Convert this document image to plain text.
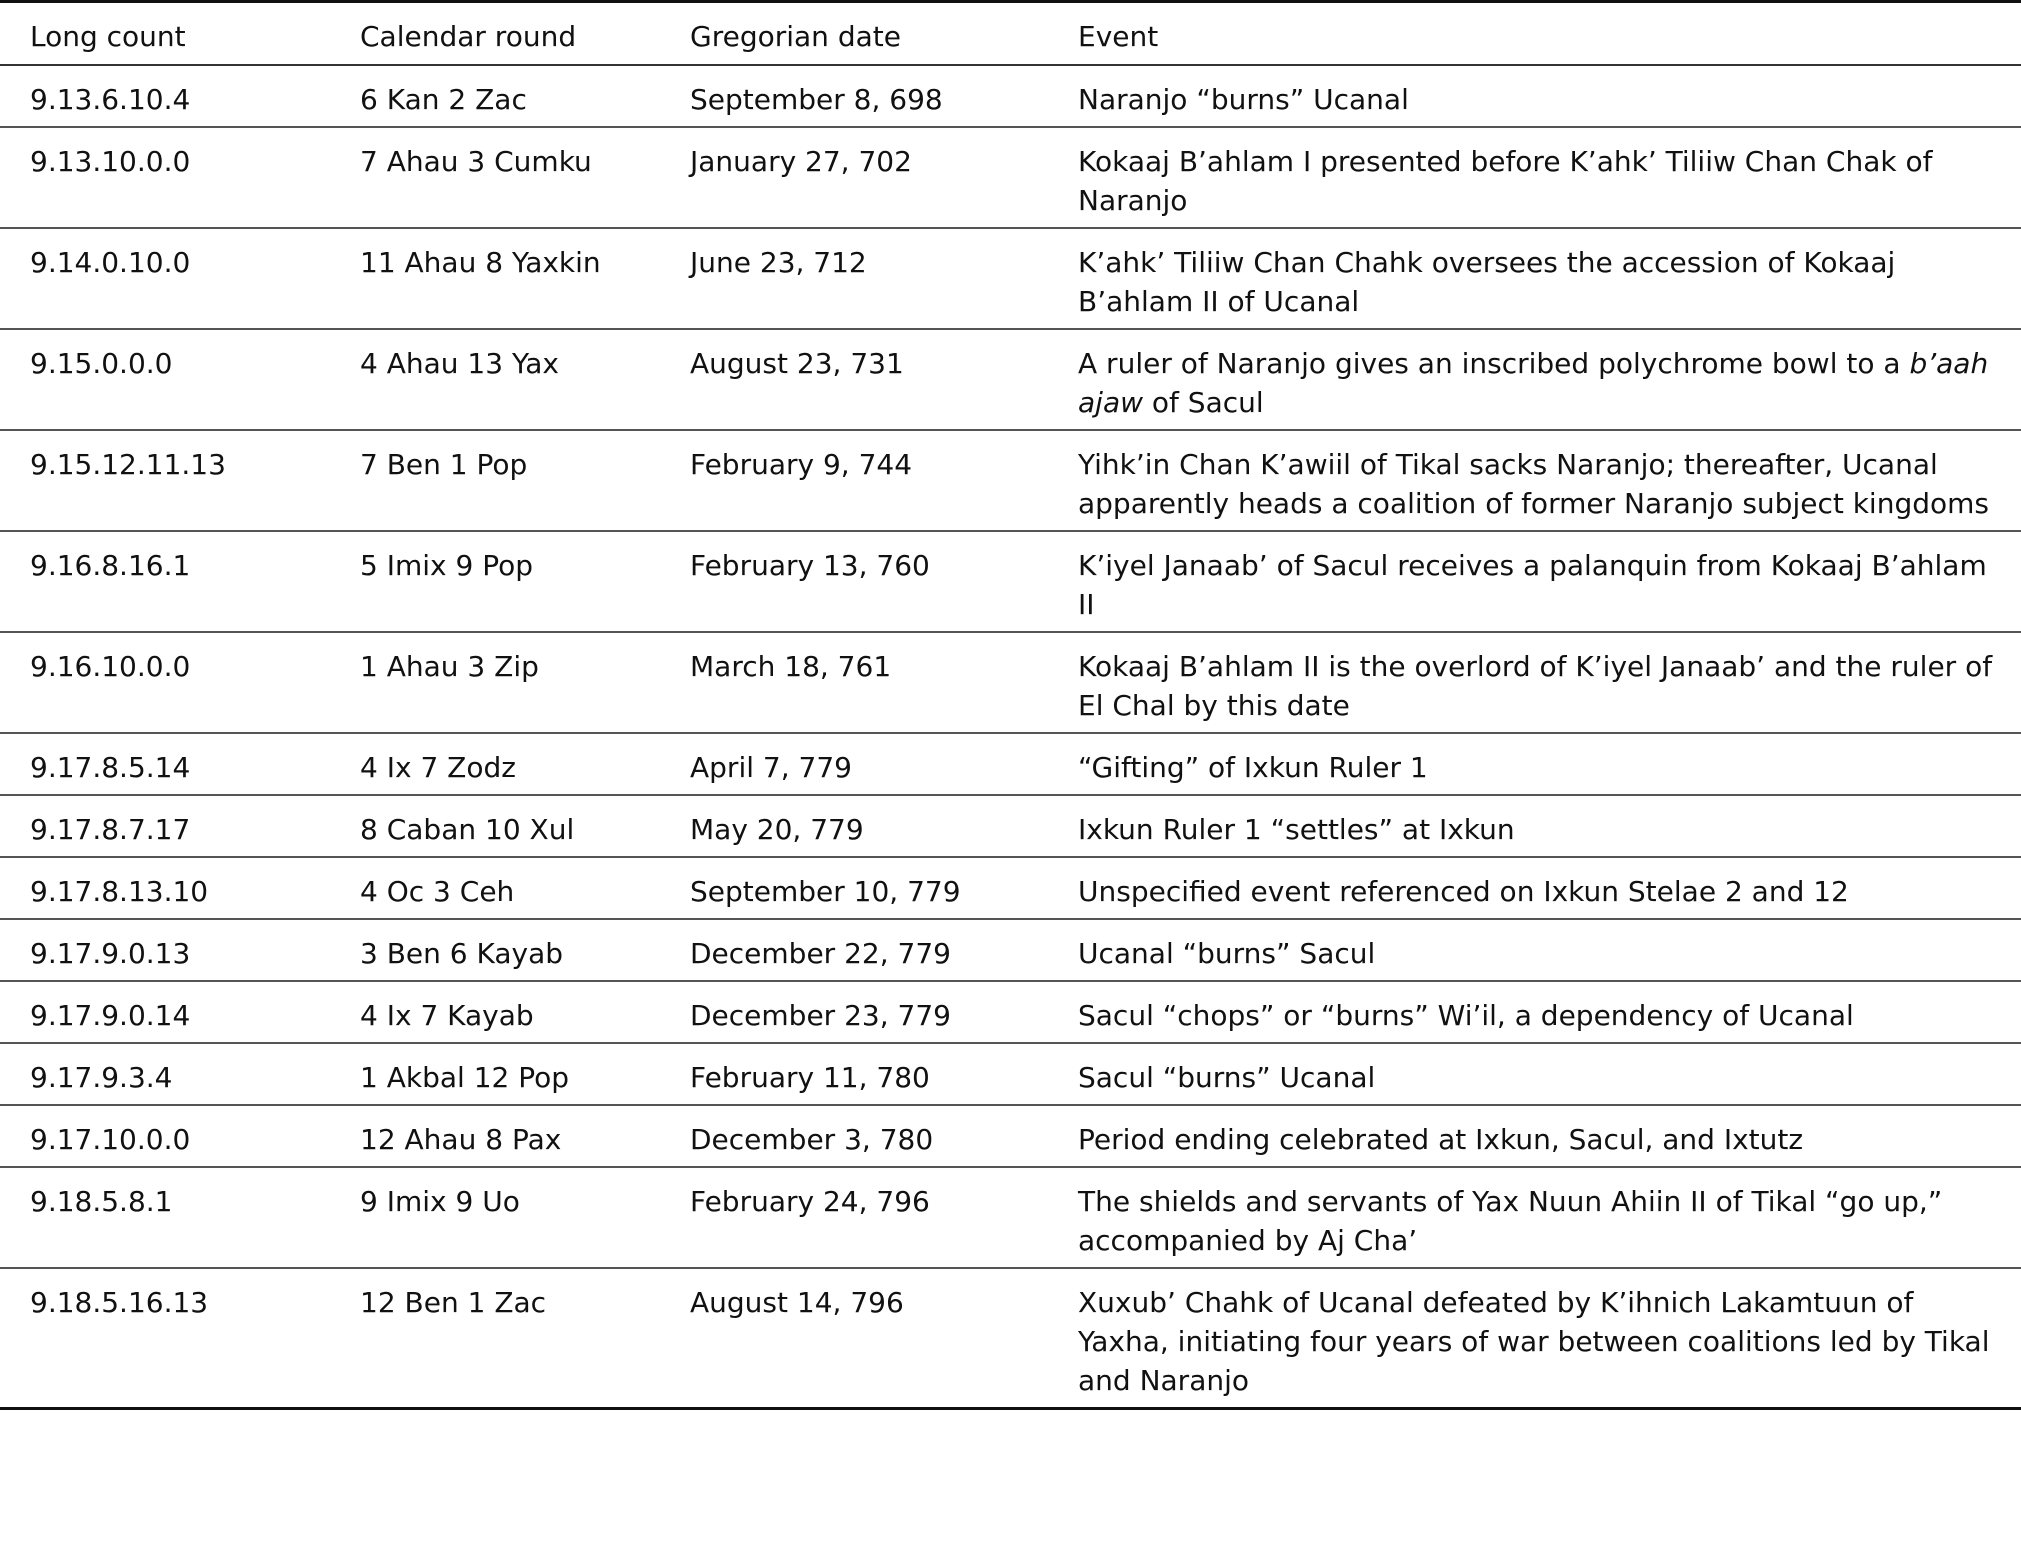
Long count	Calendar round	Gregorian date	Event
9.13.6.10.4	6 Kan 2 Zac	September 8, 698	Naranjo “burns” Ucanal
9.13.10.0.0	7 Ahau 3 Cumku	January 27, 702	Kokaaj B’ahlam I presented before K’ahk’ Tiliiw Chan Chak of Naranjo
9.14.0.10.0	11 Ahau 8 Yaxkin	June 23, 712	K’ahk’ Tiliiw Chan Chahk oversees the accession of Kokaaj B’ahlam II of Ucanal
9.15.0.0.0	4 Ahau 13 Yax	August 23, 731	A ruler of Naranjo gives an inscribed polychrome bowl to a b’aah ajaw of Sacul
9.15.12.11.13	7 Ben 1 Pop	February 9, 744	Yihk’in Chan K’awiil of Tikal sacks Naranjo; thereafter, Ucanal apparently heads a coalition of former Naranjo subject kingdoms
9.16.8.16.1	5 Imix 9 Pop	February 13, 760	K’iyel Janaab’ of Sacul receives a palanquin from Kokaaj B’ahlam II
9.16.10.0.0	1 Ahau 3 Zip	March 18, 761	Kokaaj B’ahlam II is the overlord of K’iyel Janaab’ and the ruler of El Chal by this date
9.17.8.5.14	4 Ix 7 Zodz	April 7, 779	“Gifting” of Ixkun Ruler 1
9.17.8.7.17	8 Caban 10 Xul	May 20, 779	Ixkun Ruler 1 “settles” at Ixkun
9.17.8.13.10	4 Oc 3 Ceh	September 10, 779	Unspecified event referenced on Ixkun Stelae 2 and 12
9.17.9.0.13	3 Ben 6 Kayab	December 22, 779	Ucanal “burns” Sacul
9.17.9.0.14	4 Ix 7 Kayab	December 23, 779	Sacul “chops” or “burns” Wi’il, a dependency of Ucanal
9.17.9.3.4	1 Akbal 12 Pop	February 11, 780	Sacul “burns” Ucanal
9.17.10.0.0	12 Ahau 8 Pax	December 3, 780	Period ending celebrated at Ixkun, Sacul, and Ixtutz
9.18.5.8.1	9 Imix 9 Uo	February 24, 796	The shields and servants of Yax Nuun Ahiin II of Tikal “go up,” accompanied by Aj Cha’
9.18.5.16.13	12 Ben 1 Zac	August 14, 796	Xuxub’ Chahk of Ucanal defeated by K’ihnich Lakamtuun of Yaxha, initiating four years of war between coalitions led by Tikal and Naranjo
